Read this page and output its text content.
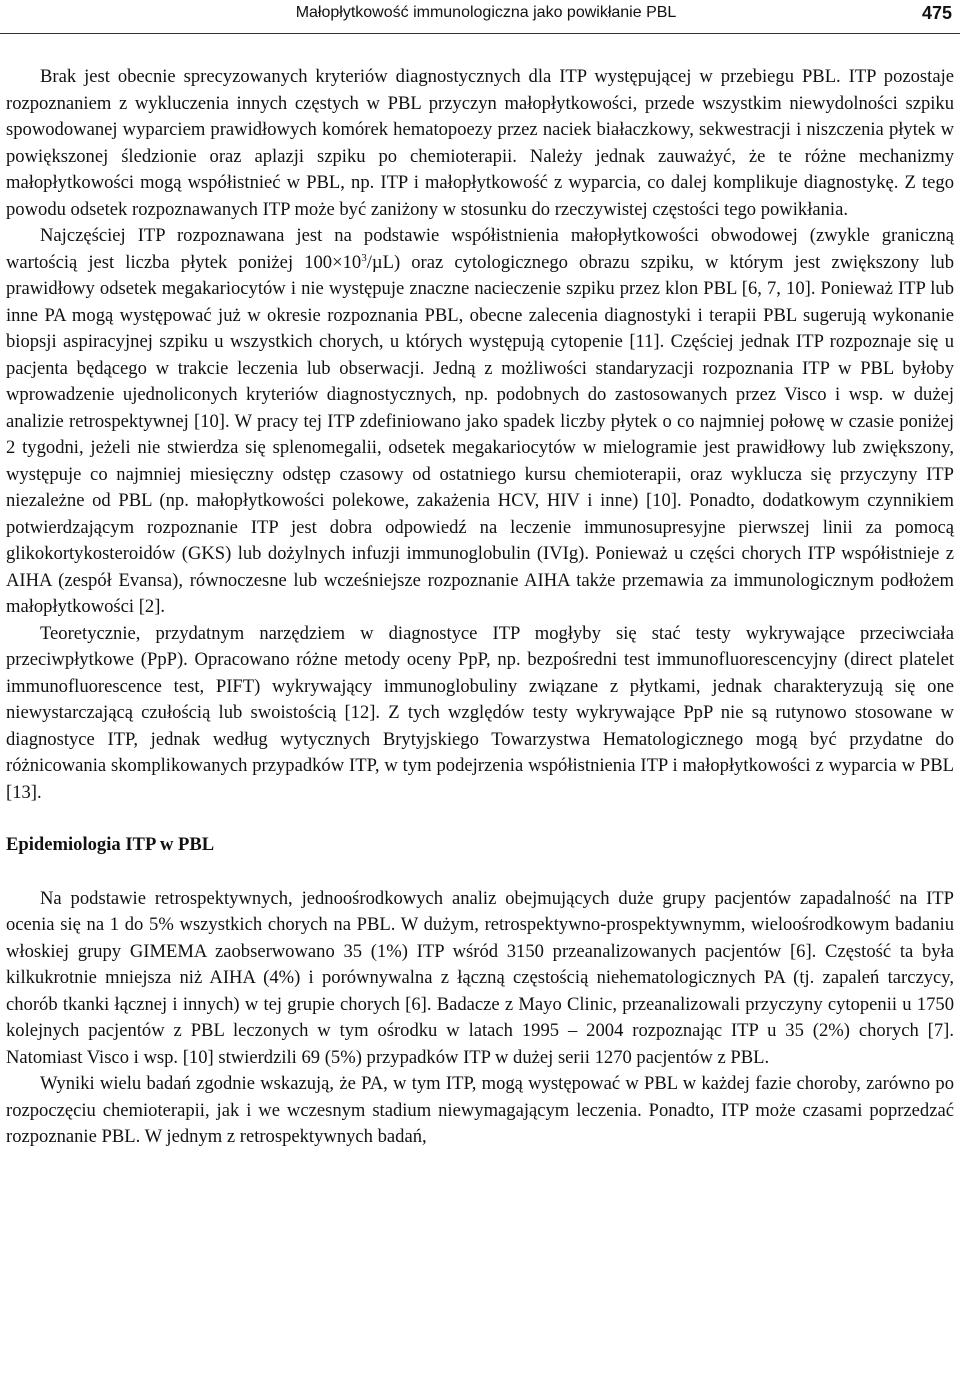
Małopłytkowość immunologiczna jako powikłanie PBL	475

Brak jest obecnie sprecyzowanych kryteriów diagnostycznych dla ITP występującej w przebiegu PBL. ITP pozostaje rozpoznaniem z wykluczenia innych częstych w PBL przyczyn małopłytkowości, przede wszystkim niewydolności szpiku spowodowanej wyparciem prawidłowych komórek hematopoezy przez naciek białaczkowy, sekwestracji i niszczenia płytek w powiększonej śledzionie oraz aplazji szpiku po chemioterapii. Należy jednak zauważyć, że te różne mechanizmy małopłytkowości mogą współistnieć w PBL, np. ITP i małopłytkowość z wyparcia, co dalej komplikuje diagnostykę. Z tego powodu odsetek rozpoznawanych ITP może być zaniżony w stosunku do rzeczywistej częstości tego powikłania.

Najczęściej ITP rozpoznawana jest na podstawie współistnienia małopłytkowości obwodowej (zwykle graniczną wartością jest liczba płytek poniżej $100\times 10^3/\mu L$) oraz cytologicznego obrazu szpiku, w którym jest zwiększony lub prawidłowy odsetek megakariocytów i nie występuje znaczne nacieczenie szpiku przez klon PBL [6, 7, 10]. Ponieważ ITP lub inne PA mogą występować już w okresie rozpoznania PBL, obecne zalecenia diagnostyki i terapii PBL sugerują wykonanie biopsji aspiracyjnej szpiku u wszystkich chorych, u których występują cytopenie [11]. Częściej jednak ITP rozpoznaje się u pacjenta będącego w trakcie leczenia lub obserwacji. Jedną z możliwości standaryzacji rozpoznania ITP w PBL byłoby wprowadzenie ujednoliconych kryteriów diagnostycznych, np. podobnych do zastosowanych przez Visco i wsp. w dużej analizie retrospektywnej [10]. W pracy tej ITP zdefiniowano jako spadek liczby płytek o co najmniej połowę w czasie poniżej 2 tygodni, jeżeli nie stwierdza się splenomegalii, odsetek megakariocytów w mielogramie jest prawidłowy lub zwiększony, występuje co najmniej miesięczny odstęp czasowy od ostatniego kursu chemioterapii, oraz wyklucza się przyczyny ITP niezależne od PBL (np. małopłytkowości polekowe, zakażenia HCV, HIV i inne) [10]. Ponadto, dodatkowym czynnikiem potwierdzającym rozpoznanie ITP jest dobra odpowiedź na leczenie immunosupresyjne pierwszej linii za pomocą glikokortykosteroidów (GKS) lub dożylnych infuzji immunoglobulin (IVIg). Ponieważ u części chorych ITP współistnieje z AIHA (zespół Evansa), równoczesne lub wcześniejsze rozpoznanie AIHA także przemawia za immunologicznym podłożem małopłytkowości [2].

Teoretycznie, przydatnym narzędziem w diagnostyce ITP mogłyby się stać testy wykrywające przeciwciała przeciwpłytkowe (PpP). Opracowano różne metody oceny PpP, np. bezpośredni test immunofluorescencyjny (direct platelet immunofluorescence test, PIFT) wykrywający immunoglobuliny związane z płytkami, jednak charakteryzują się one niewystarczającą czułością lub swoistością [12]. Z tych względów testy wykrywające PpP nie są rutynowo stosowane w diagnostyce ITP, jednak według wytycznych Brytyjskiego Towarzystwa Hematologicznego mogą być przydatne do różnicowania skomplikowanych przypadków ITP, w tym podejrzenia współistnienia ITP i małopłytkowości z wyparcia w PBL [13].

Epidemiologia ITP w PBL

Na podstawie retrospektywnych, jednoośrodkowych analiz obejmujących duże grupy pacjentów zapadalność na ITP ocenia się na 1 do 5% wszystkich chorych na PBL. W dużym, retrospektywno-prospektywnymm, wieloośrodkowym badaniu włoskiej grupy GIMEMA zaobserwowano 35 (1%) ITP wśród 3150 przeanalizowanych pacjentów [6]. Częstość ta była kilkukrotnie mniejsza niż AIHA (4%) i porównywalna z łączną częstością niehematologicznych PA (tj. zapaleń tarczycy, chorób tkanki łącznej i innych) w tej grupie chorych [6]. Badacze z Mayo Clinic, przeanalizowali przyczyny cytopenii u 1750 kolejnych pacjentów z PBL leczonych w tym ośrodku w latach 1995 – 2004 rozpoznając ITP u 35 (2%) chorych [7]. Natomiast Visco i wsp. [10] stwierdzili 69 (5%) przypadków ITP w dużej serii 1270 pacjentów z PBL.

Wyniki wielu badań zgodnie wskazują, że PA, w tym ITP, mogą występować w PBL w każdej fazie choroby, zarówno po rozpoczęciu chemioterapii, jak i we wczesnym stadium niewymagającym leczenia. Ponadto, ITP może czasami poprzedzać rozpoznanie PBL. W jednym z retrospektywnych badań,
